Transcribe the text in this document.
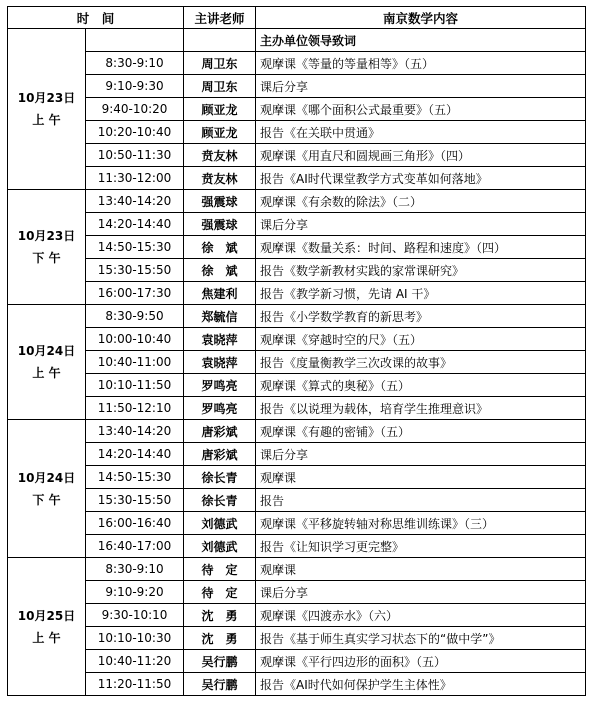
时　间		主讲老师	南京数学内容
10月23日
上 午			主办单位领导致词
	8:30-9:10	周卫东	观摩课《等量的等量相等》（五）
	9:10-9:30	周卫东	课后分享
	9:40-10:20	顾亚龙	观摩课《哪个面积公式最重要》（五）
	10:20-10:40	顾亚龙	报告《在关联中贯通》
	10:50-11:30	贲友林	观摩课《用直尺和圆规画三角形》（四）
	11:30-12:00	贲友林	报告《AI时代课堂教学方式变革如何落地》
10月23日
下 午	13:40-14:20	强震球	观摩课《有余数的除法》（二）
	14:20-14:40	强震球	课后分享
	14:50-15:30	徐　斌	观摩课《数量关系：时间、路程和速度》（四）
	15:30-15:50	徐　斌	报告《数学新教材实践的家常课研究》
	16:00-17:30	焦建利	报告《教学新习惯，先请 AI 干》
10月24日
上 午	8:30-9:50	郑毓信	报告《小学数学教育的新思考》
	10:00-10:40	袁晓萍	观摩课《穿越时空的尺》（五）
	10:40-11:00	袁晓萍	报告《度量衡教学三次改课的故事》
	10:10-11:50	罗鸣亮	观摩课《算式的奥秘》（五）
	11:50-12:10	罗鸣亮	报告《以说理为载体，培育学生推理意识》
10月24日
下 午	13:40-14:20	唐彩斌	观摩课《有趣的密铺》（五）
	14:20-14:40	唐彩斌	课后分享
	14:50-15:30	徐长青	观摩课
	15:30-15:50	徐长青	报告
	16:00-16:40	刘德武	观摩课《平移旋转轴对称思维训练课》（三）
	16:40-17:00	刘德武	报告《让知识学习更完整》
10月25日
上 午	8:30-9:10	待　定	观摩课
	9:10-9:20	待　定	课后分享
	9:30-10:10	沈　勇	观摩课《四渡赤水》（六）
	10:10-10:30	沈　勇	报告《基于师生真实学习状态下的“做中学”》
	10:40-11:20	吴行鹏	观摩课《平行四边形的面积》（五）
	11:20-11:50	吴行鹏	报告《AI时代如何保护学生主体性》
